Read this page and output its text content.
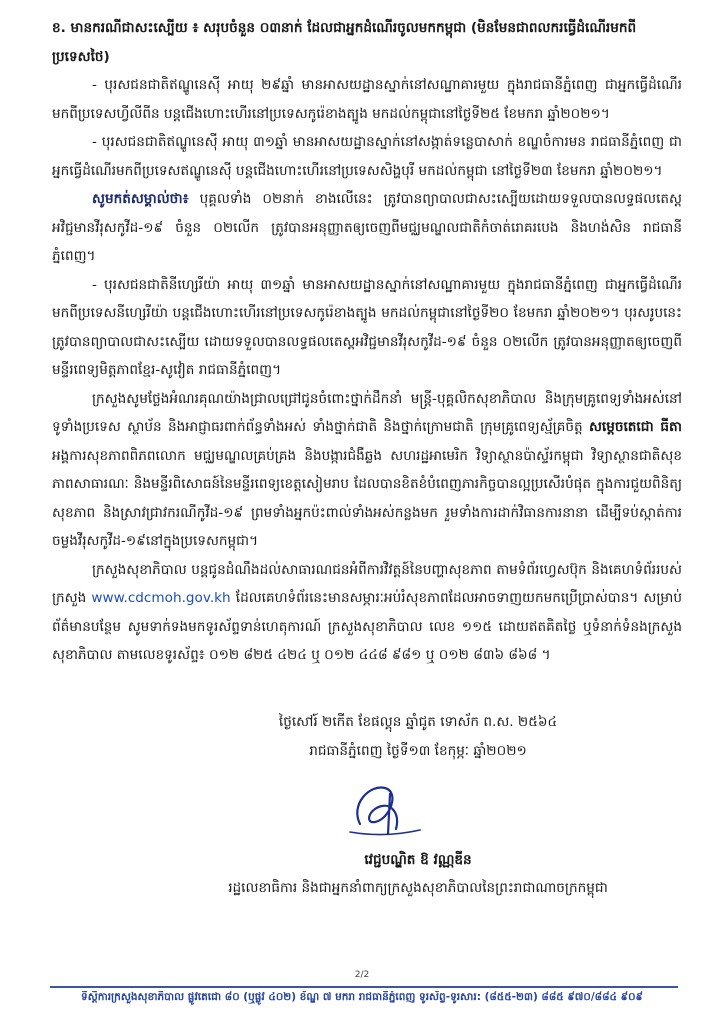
ខ. មានករណីជាសះស្បើយ ៖ សរុបចំនួន ០៣នាក់ ដែលជាអ្នកដំណើរចូលមកកម្ពុជា (មិនមែនជាពលករធ្វើដំណើរមកពីប្រទេសថៃ)

- បុរសជនជាតិឥណ្ឌូនេស៊ី អាយុ ២៩ឆ្នាំ មានអាសយដ្ឋានស្នាក់នៅសណ្ឋាគារមួយ ក្នុងរាជធានីភ្នំពេញ ជាអ្នកធ្វើដំណើរមកពីប្រទេសហ្វីលីពីន បន្តជើងហោះហើរនៅប្រទេសកូរ៉េខាងត្បូង មកដល់កម្ពុជានៅថ្ងៃទី២៥ ខែមករា ឆ្នាំ២០២១។

- បុរសជនជាតិឥណ្ឌូនេស៊ី អាយុ ៣១ឆ្នាំ មានអាសយដ្ឋានស្នាក់នៅសង្កាត់ទន្លេបាសាក់ ខណ្ឌចំការមន រាជធានីភ្នំពេញ ជាអ្នកធ្វើដំណើរមកពីប្រទេសឥណ្ឌូនេស៊ី បន្តជើងហោះហើរនៅប្រទេសសិង្ហបុរី មកដល់កម្ពុជា នៅថ្ងៃទី២៣ ខែមករា ឆ្នាំ២០២១។

សូមកត់សម្គាល់ថា៖ បុគ្គលទាំង ០២នាក់ ខាងលើនេះ ត្រូវបានព្យាបាលជាសះស្បើយដោយទទួលបានលទ្ធផលតេស្ត អវិជ្ជមានវីរុសកូវីដ-១៩ ចំនួន ០២លើក ត្រូវបានអនុញ្ញាតឲ្យចេញពីមជ្ឈមណ្ឌលជាតិកំចាត់រោគរបេង និងហង់សិន រាជធានីភ្នំពេញ។

- បុរសជនជាតិនីហ្សេរីយ៉ា អាយុ ៣១ឆ្នាំ មានអាសយដ្ឋានស្នាក់នៅសណ្ឋាគារមួយ ក្នុងរាជធានីភ្នំពេញ ជាអ្នកធ្វើដំណើរមកពីប្រទេសនីហ្សេរីយ៉ា បន្តជើងហោះហើរនៅប្រទេសកូរ៉េខាងត្បូង មកដល់កម្ពុជានៅថ្ងៃទី២០ ខែមករា ឆ្នាំ២០២១។ បុរសរូបនេះត្រូវបានព្យាបាលជាសះស្បើយ ដោយទទួលបានលទ្ធផលតេស្តអវិជ្ជមានវីរុសកូវីដ-១៩ ចំនួន ០២លើក ត្រូវបានអនុញ្ញាតឲ្យចេញពីមន្ទីរពេទ្យមិត្តភាពខ្មែរ-សូវៀត រាជធានីភ្នំពេញ។

ក្រសួងសូមថ្លែងអំណរគុណយ៉ាងជ្រាលជ្រៅជូនចំពោះថ្នាក់ដឹកនាំ មន្ត្រី-បុគ្គលិកសុខាភិបាល និងក្រុមគ្រូពេទ្យទាំងអស់នៅទូទាំងប្រទេស ស្ថាប័ន និងអាជ្ញាធរពាក់ព័ន្ធទាំងអស់ ទាំងថ្នាក់ជាតិ និងថ្នាក់ក្រោមជាតិ ក្រុមគ្រូពេទ្យស្ម័គ្រចិត្ត សម្ដេចតេជោ ធីតា អង្គការសុខភាពពិភពលោក មជ្ឈមណ្ឌលគ្រប់គ្រង និងបង្ការជំងឺឆ្លង សហរដ្ឋអាមេរិក វិទ្យាស្ថានប៉ាស្ទ័រកម្ពុជា វិទ្យាស្ថានជាតិសុខភាពសាធារណៈ និងមន្ទីរពិសោធន៍នៃមន្ទីរពេទ្យខេត្តសៀមរាប ដែលបានខិតខំបំពេញភារកិច្ចបានល្អប្រសើរបំផុត ក្នុងការជួយពិនិត្យសុខភាព និងស្រាវជ្រាវករណីកូវីដ-១៩ ព្រមទាំងអ្នកប៉ះពាល់ទាំងអស់កន្លងមក រួមទាំងការដាក់វិធានការនានា ដើម្បីទប់ស្កាត់ការចម្លងវីរុសកូវីដ-១៩នៅក្នុងប្រទេសកម្ពុជា។

ក្រសួងសុខាភិបាល បន្តជូនដំណឹងដល់សាធារណជនអំពីការវិវត្តន៍នៃបញ្ហាសុខភាព តាមទំព័រហ្វេសប៊ុក និងគេហទំព័ររបស់ក្រសួង www.cdcmoh.gov.kh ដែលគេហទំព័រនេះមានសម្ភារៈអប់រំសុខភាពដែលអាចទាញយកមកប្រើប្រាស់បាន។ សម្រាប់ព័ត៌មានបន្ថែម សូមទាក់ទងមកទូរស័ព្ទទាន់ហេតុការណ៍ ក្រសួងសុខាភិបាល លេខ ១១៥ ដោយឥតគិតថ្លៃ ឬទំនាក់ទំនងក្រសួងសុខាភិបាល តាមលេខទូរស័ព្ទ៖ ០១២ ៨២៥ ៤២៤ ឬ ០១២ ៤៤៨ ៩៨១ ឬ ០១២ ៨៣៦ ៨៦៨ ។

ថ្ងៃសៅរ៍ ២កើត ខែផល្គុន ឆ្នាំជូត ទោស័ក ព.ស. ២៥៦៤
រាជធានីភ្នំពេញ ថ្ងៃទី១៣ ខែកុម្ភៈ ឆ្នាំ២០២១
វេជ្ជបណ្ឌិត ឱ វណ្ណឌីន
រដ្ឋលេខាធិការ និងជាអ្នកនាំពាក្យក្រសួងសុខាភិបាលនៃព្រះរាជាណាចក្រកម្ពុជា
2/2
ទីស្តីការក្រសួងសុខាភិបាល ផ្លូវតេជោ ៨០ (ឬផ្លូវ ៤០២) ខ័ណ្ឌ ៧ មករា រាជធានីភ្នំពេញ ទូរស័ព្ទ-ទូរសារ: (៨៥៥-២៣) ៨៨៥ ៩៧០/៨៨៤ ៩០៩
